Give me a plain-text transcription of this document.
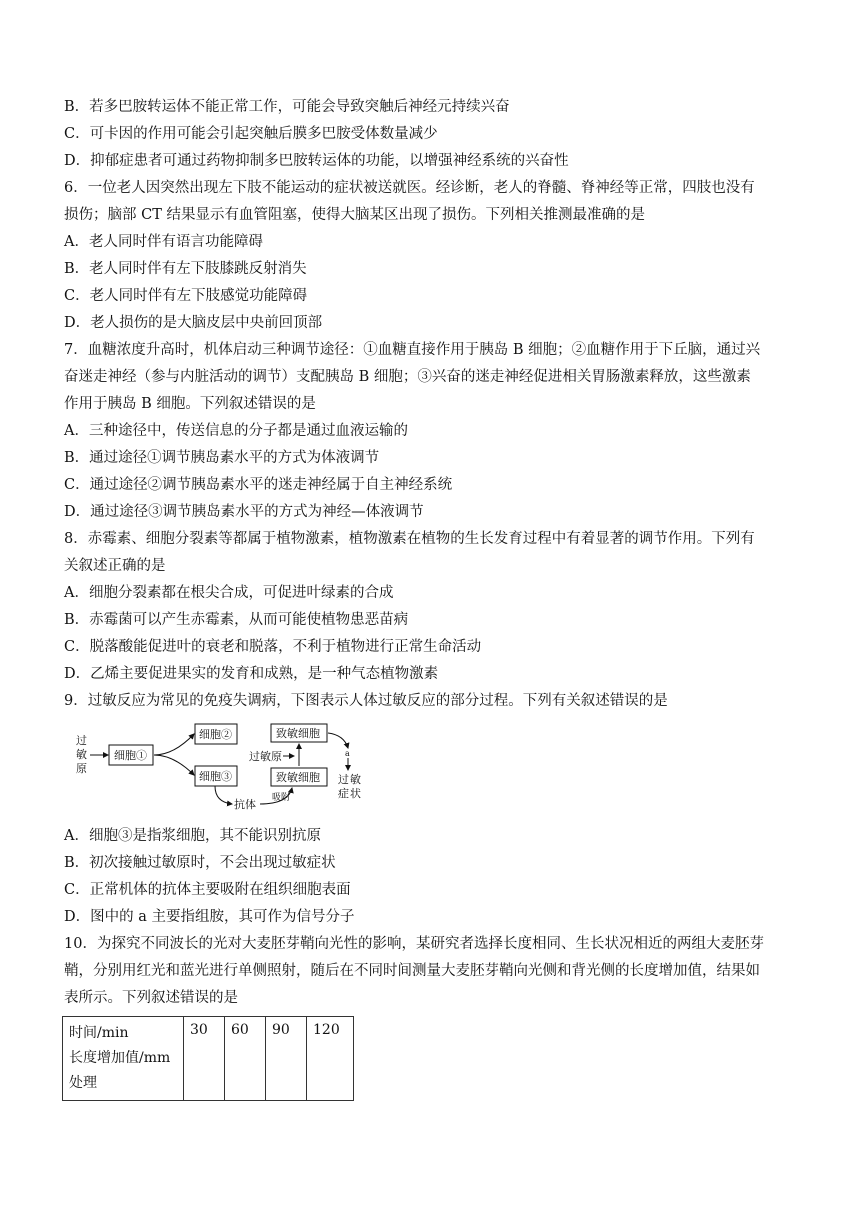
B．若多巴胺转运体不能正常工作，可能会导致突触后神经元持续兴奋
C．可卡因的作用可能会引起突触后膜多巴胺受体数量减少
D．抑郁症患者可通过药物抑制多巴胺转运体的功能，以增强神经系统的兴奋性
6．一位老人因突然出现左下肢不能运动的症状被送就医。经诊断，老人的脊髓、脊神经等正常，四肢也没有
损伤；脑部 CT 结果显示有血管阻塞，使得大脑某区出现了损伤。下列相关推测最准确的是
A．老人同时伴有语言功能障碍
B．老人同时伴有左下肢膝跳反射消失
C．老人同时伴有左下肢感觉功能障碍
D．老人损伤的是大脑皮层中央前回顶部
7．血糖浓度升高时，机体启动三种调节途径：①血糖直接作用于胰岛 B 细胞；②血糖作用于下丘脑，通过兴
奋迷走神经（参与内脏活动的调节）支配胰岛 B 细胞；③兴奋的迷走神经促进相关胃肠激素释放，这些激素
作用于胰岛 B 细胞。下列叙述错误的是
A．三种途径中，传送信息的分子都是通过血液运输的
B．通过途径①调节胰岛素水平的方式为体液调节
C．通过途径②调节胰岛素水平的迷走神经属于自主神经系统
D．通过途径③调节胰岛素水平的方式为神经—体液调节
8．赤霉素、细胞分裂素等都属于植物激素，植物激素在植物的生长发育过程中有着显著的调节作用。下列有
关叙述正确的是
A．细胞分裂素都在根尖合成，可促进叶绿素的合成
B．赤霉菌可以产生赤霉素，从而可能使植物患恶苗病
C．脱落酸能促进叶的衰老和脱落，不利于植物进行正常生命活动
D．乙烯主要促进果实的发育和成熟，是一种气态植物激素
9．过敏反应为常见的免疫失调病，下图表示人体过敏反应的部分过程。下列有关叙述错误的是
过
敏
原
细胞①
细胞②
细胞③
致敏细胞
过敏原
致敏细胞
抗体 吸附
a
过 敏
症 状
A．细胞③是指浆细胞，其不能识别抗原
B．初次接触过敏原时，不会出现过敏症状
C．正常机体的抗体主要吸附在组织细胞表面
D．图中的 a 主要指组胺，其可作为信号分子
10．为探究不同波长的光对大麦胚芽鞘向光性的影响，某研究者选择长度相同、生长状况相近的两组大麦胚芽
鞘，分别用红光和蓝光进行单侧照射，随后在不同时间测量大麦胚芽鞘向光侧和背光侧的长度增加值，结果如
表所示。下列叙述错误的是
时间/min
长度增加值/mm
处理
	30	60	90	120
